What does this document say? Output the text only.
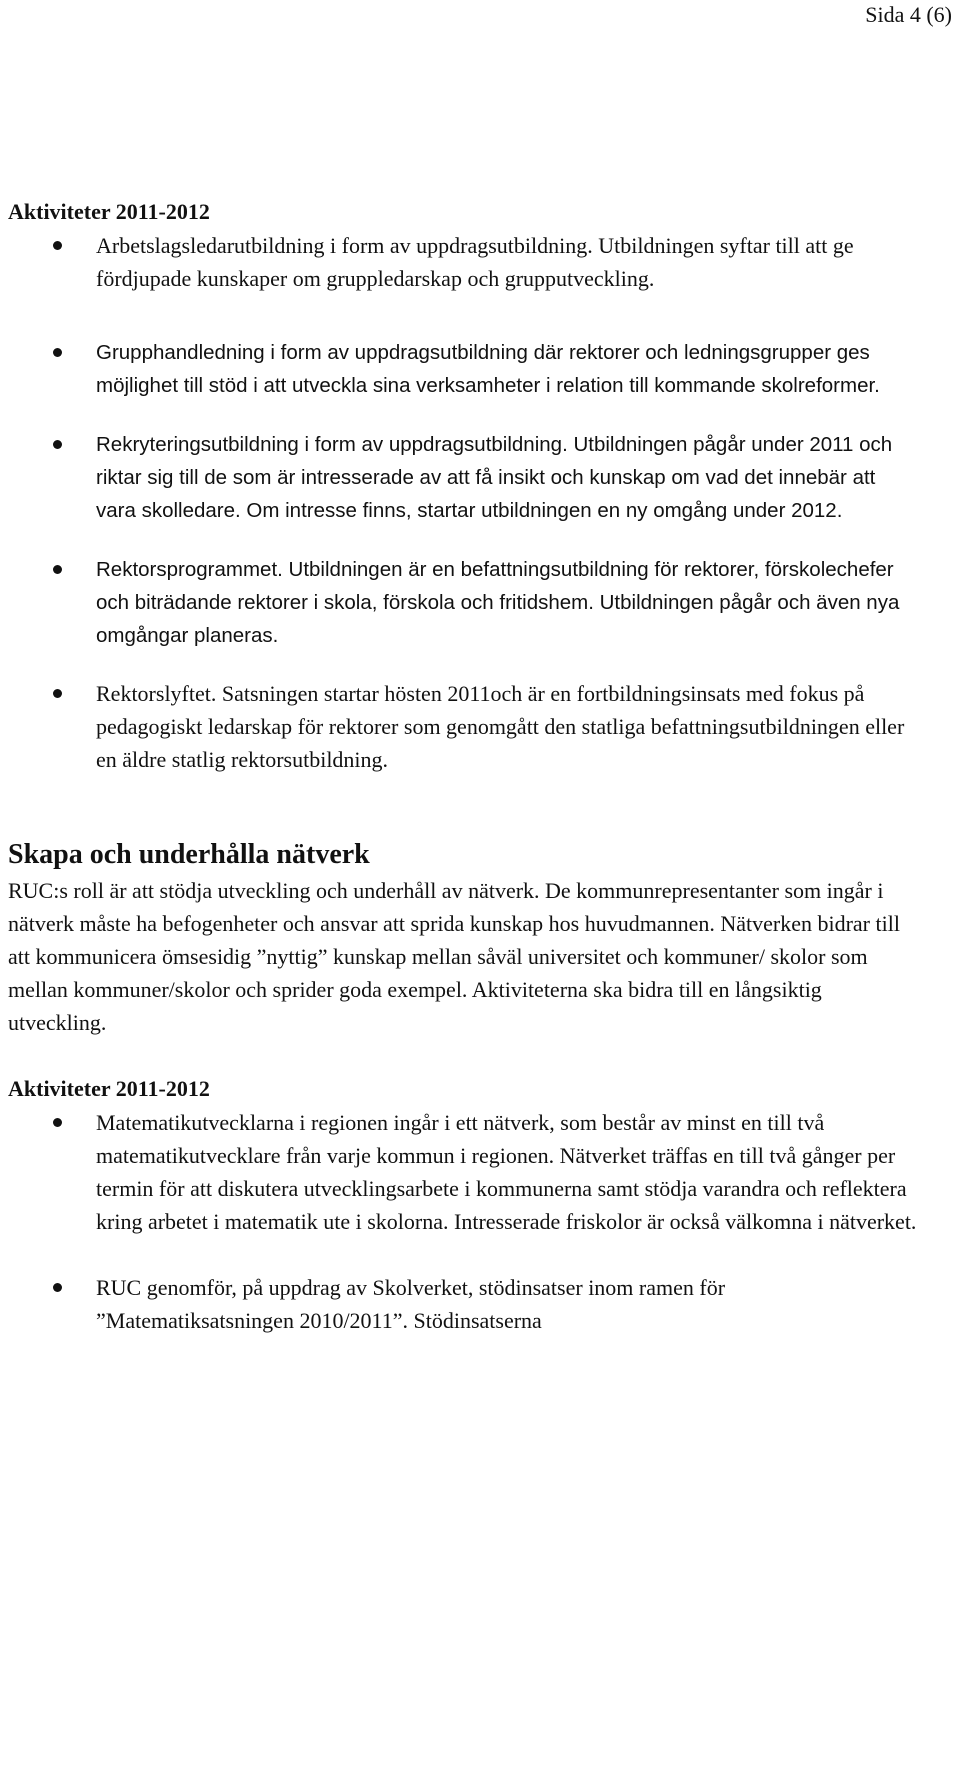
Sida 4 (6)
Aktiviteter 2011-2012
Arbetslagsledarutbildning i form av uppdragsutbildning. Utbildningen syftar till att ge fördjupade kunskaper om gruppledarskap och grupputveckling.
Grupphandledning i form av uppdragsutbildning där rektorer och ledningsgrupper ges möjlighet till stöd i att utveckla sina verksamheter i relation till kommande skolreformer.
Rekryteringsutbildning i form av uppdragsutbildning. Utbildningen pågår under 2011 och riktar sig till de som är intresserade av att få insikt och kunskap om vad det innebär att vara skolledare. Om intresse finns, startar utbildningen en ny omgång under 2012.
Rektorsprogrammet. Utbildningen är en befattningsutbildning för rektorer, förskolechefer och biträdande rektorer i skola, förskola och fritidshem. Utbildningen pågår och även nya omgångar planeras.
Rektorslyftet. Satsningen startar hösten 2011och är en fortbildningsinsats med fokus på pedagogiskt ledarskap för rektorer som genomgått den statliga befattningsutbildningen eller en äldre statlig rektorsutbildning.
Skapa och underhålla nätverk

RUC:s roll är att stödja utveckling och underhåll av nätverk. De kommunrepresentanter som ingår i nätverk måste ha befogenheter och ansvar att sprida kunskap hos huvudmannen. Nätverken bidrar till att kommunicera ömsesidig ”nyttig” kunskap mellan såväl universitet och kommuner/ skolor som mellan kommuner/skolor och sprider goda exempel. Aktiviteterna ska bidra till en långsiktig utveckling.

Aktiviteter 2011-2012
Matematikutvecklarna i regionen ingår i ett nätverk, som består av minst en till två matematikutvecklare från varje kommun i regionen. Nätverket träffas en till två gånger per termin för att diskutera utvecklingsarbete i kommunerna samt stödja varandra och reflektera kring arbetet i matematik ute i skolorna. Intresserade friskolor är också välkomna i nätverket.
RUC genomför, på uppdrag av Skolverket, stödinsatser inom ramen för ”Matematiksatsningen 2010/2011”. Stödinsatserna
